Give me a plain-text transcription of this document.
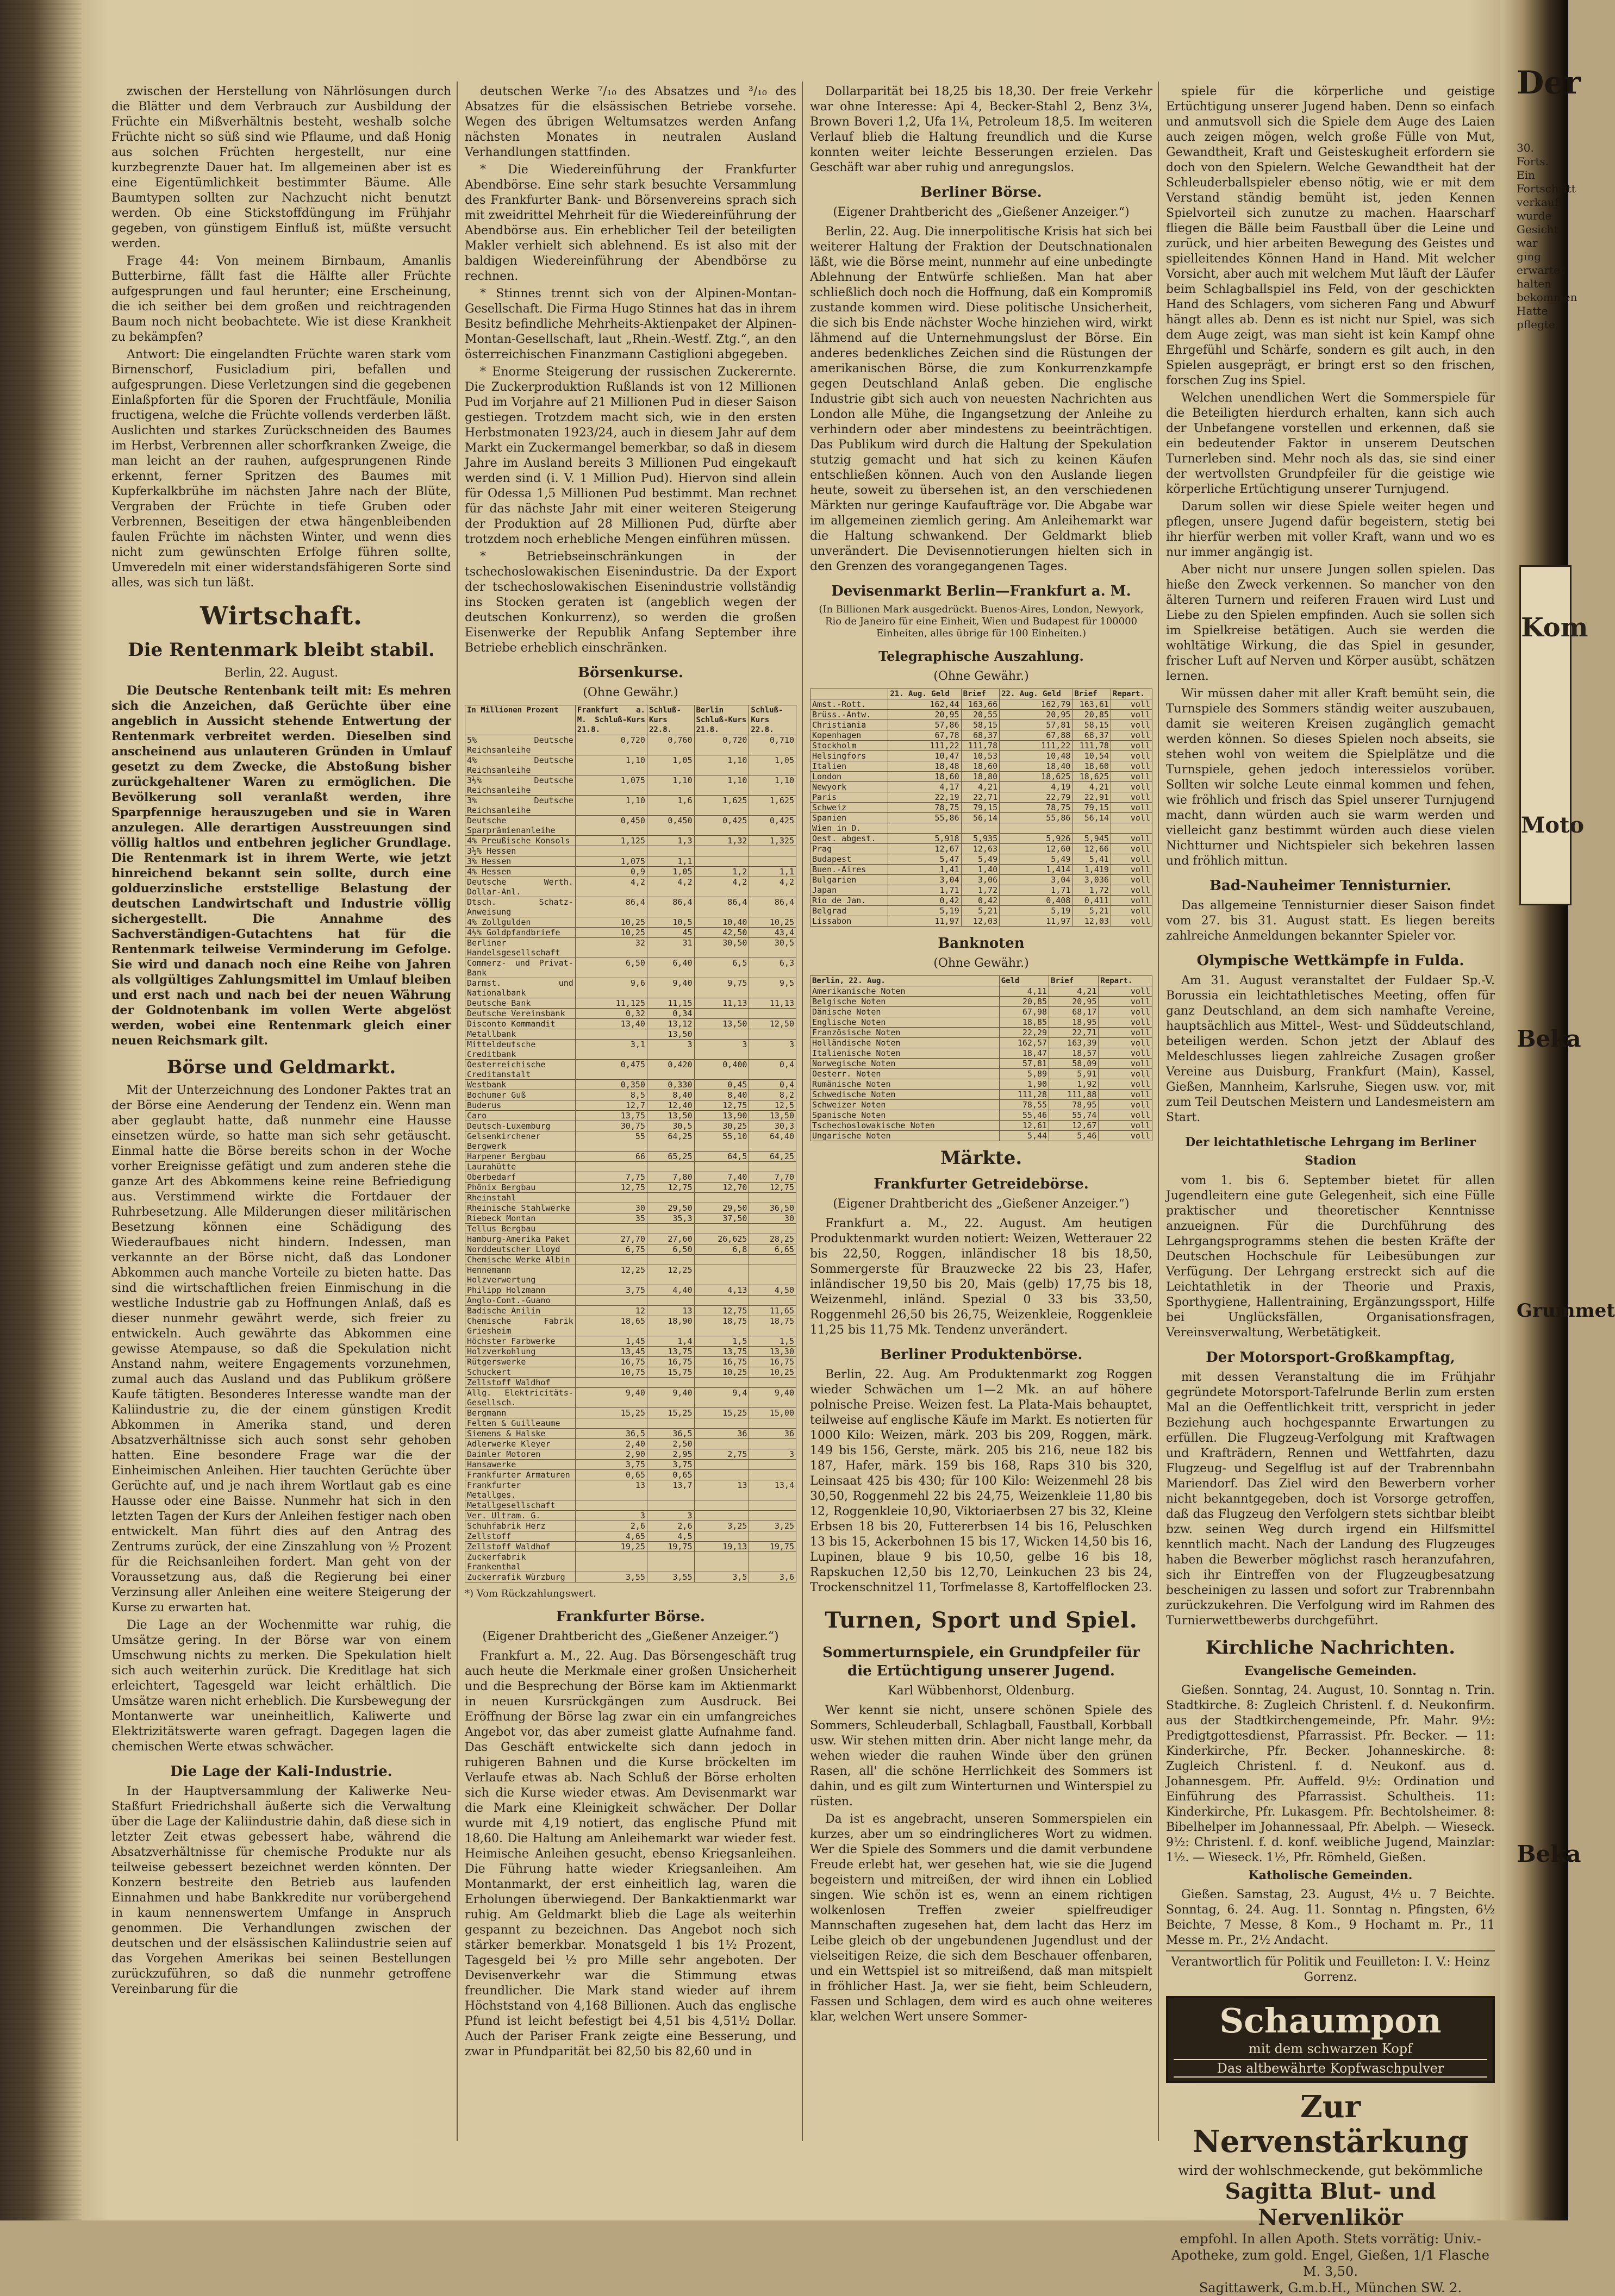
zwischen der Herstellung von Nährlösungen durch die Blätter und dem Verbrauch zur Ausbildung der Früchte ein Mißverhältnis besteht, weshalb solche Früchte nicht so süß sind wie Pflaume, und daß Honig aus solchen Früchten hergestellt, nur eine kurzbegrenzte Dauer hat. Im allgemeinen aber ist es eine Eigentümlichkeit bestimmter Bäume. Alle Baumtypen sollten zur Nachzucht nicht benutzt werden. Ob eine Stickstoffdüngung im Frühjahr gegeben, von günstigem Einfluß ist, müßte versucht werden.

Frage 44: Von meinem Birnbaum, Amanlis Butterbirne, fällt fast die Hälfte aller Früchte aufgesprungen und faul herunter; eine Erscheinung, die ich seither bei dem großen und reichtragenden Baum noch nicht beobachtete. Wie ist diese Krankheit zu bekämpfen?

Antwort: Die eingelandten Früchte waren stark vom Birnenschorf, Fusicladium piri, befallen und aufgesprungen. Diese Verletzungen sind die gegebenen Einlaßpforten für die Sporen der Fruchtfäule, Monilia fructigena, welche die Früchte vollends verderben läßt. Auslichten und starkes Zurückschneiden des Baumes im Herbst, Verbrennen aller schorfkranken Zweige, die man leicht an der rauhen, aufgesprungenen Rinde erkennt, ferner Spritzen des Baumes mit Kupferkalkbrühe im nächsten Jahre nach der Blüte, Vergraben der Früchte in tiefe Gruben oder Verbrennen, Beseitigen der etwa hängenbleibenden faulen Früchte im nächsten Winter, und wenn dies nicht zum gewünschten Erfolge führen sollte, Umveredeln mit einer widerstandsfähigeren Sorte sind alles, was sich tun läßt.

Wirtschaft.
Die Rentenmark bleibt stabil.

Berlin, 22. August.

Die Deutsche Rentenbank teilt mit: Es mehren sich die Anzeichen, daß Gerüchte über eine angeblich in Aussicht stehende Entwertung der Rentenmark verbreitet werden. Dieselben sind anscheinend aus unlauteren Gründen in Umlauf gesetzt zu dem Zwecke, die Abstoßung bisher zurückgehaltener Waren zu ermöglichen. Die Bevölkerung soll veranlaßt werden, ihre Sparpfennige herauszugeben und sie in Waren anzulegen. Alle derartigen Ausstreuungen sind völlig haltlos und entbehren jeglicher Grundlage. Die Rentenmark ist in ihrem Werte, wie jetzt hinreichend bekannt sein sollte, durch eine golduerzinsliche erststellige Belastung der deutschen Landwirtschaft und Industrie völlig sichergestellt. Die Annahme des Sachverständigen-Gutachtens hat für die Rentenmark teilweise Verminderung im Gefolge. Sie wird und danach noch eine Reihe von Jahren als vollgültiges Zahlungsmittel im Umlauf bleiben und erst nach und nach bei der neuen Währung der Goldnotenbank im vollen Werte abgelöst werden, wobei eine Rentenmark gleich einer neuen Reichsmark gilt.

Börse und Geldmarkt.

Mit der Unterzeichnung des Londoner Paktes trat an der Börse eine Aenderung der Tendenz ein. Wenn man aber geglaubt hatte, daß nunmehr eine Hausse einsetzen würde, so hatte man sich sehr getäuscht. Einmal hatte die Börse bereits schon in der Woche vorher Ereignisse gefätigt und zum anderen stehe die ganze Art des Abkommens keine reine Befriedigung aus. Verstimmend wirkte die Fortdauer der Ruhrbesetzung. Alle Milderungen dieser militärischen Besetzung können eine Schädigung des Wiederaufbaues nicht hindern. Indessen, man verkannte an der Börse nicht, daß das Londoner Abkommen auch manche Vorteile zu bieten hatte. Das sind die wirtschaftlichen freien Einmischung in die westliche Industrie gab zu Hoffnungen Anlaß, daß es dieser nunmehr gewährt werde, sich freier zu entwickeln. Auch gewährte das Abkommen eine gewisse Atempause, so daß die Spekulation nicht Anstand nahm, weitere Engagements vorzunehmen, zumal auch das Ausland und das Publikum größere Kaufe tätigten. Besonderes Interesse wandte man der Kaliindustrie zu, die der einem günstigen Kredit Abkommen in Amerika stand, und deren Absatzverhältnisse sich auch sonst sehr gehoben hatten. Eine besondere Frage war die der Einheimischen Anleihen. Hier tauchten Gerüchte über Gerüchte auf, und je nach ihrem Wortlaut gab es eine Hausse oder eine Baisse. Nunmehr hat sich in den letzten Tagen der Kurs der Anleihen festiger nach oben entwickelt. Man führt dies auf den Antrag des Zentrums zurück, der eine Zinszahlung von ½ Prozent für die Reichsanleihen fordert. Man geht von der Voraussetzung aus, daß die Regierung bei einer Verzinsung aller Anleihen eine weitere Steigerung der Kurse zu erwarten hat.

Die Lage an der Wochenmitte war ruhig, die Umsätze gering. In der Börse war von einem Umschwung nichts zu merken. Die Spekulation hielt sich auch weiterhin zurück. Die Kreditlage hat sich erleichtert, Tagesgeld war leicht erhältlich. Die Umsätze waren nicht erheblich. Die Kursbewegung der Montanwerte war uneinheitlich, Kaliwerte und Elektrizitätswerte waren gefragt. Dagegen lagen die chemischen Werte etwas schwächer.

Die Lage der Kali-Industrie.

In der Hauptversammlung der Kaliwerke Neu-Staßfurt Friedrichshall äußerte sich die Verwaltung über die Lage der Kaliindustrie dahin, daß diese sich in letzter Zeit etwas gebessert habe, während die Absatzverhältnisse für chemische Produkte nur als teilweise gebessert bezeichnet werden könnten. Der Konzern bestreite den Betrieb aus laufenden Einnahmen und habe Bankkredite nur vorübergehend in kaum nennenswertem Umfange in Anspruch genommen. Die Verhandlungen zwischen der deutschen und der elsässischen Kaliindustrie seien auf das Vorgehen Amerikas bei seinen Bestellungen zurückzuführen, so daß die nunmehr getroffene Vereinbarung für die

deutschen Werke ⁷/₁₀ des Absatzes und ³/₁₀ des Absatzes für die elsässischen Betriebe vorsehe. Wegen des übrigen Weltumsatzes werden Anfang nächsten Monates in neutralen Ausland Verhandlungen stattfinden.

* Die Wiedereinführung der Frankfurter Abendbörse. Eine sehr stark besuchte Versammlung des Frankfurter Bank- und Börsenvereins sprach sich mit zweidrittel Mehrheit für die Wiedereinführung der Abendbörse aus. Ein erheblicher Teil der beteiligten Makler verhielt sich ablehnend. Es ist also mit der baldigen Wiedereinführung der Abendbörse zu rechnen.

* Stinnes trennt sich von der Alpinen-Montan-Gesellschaft. Die Firma Hugo Stinnes hat das in ihrem Besitz befindliche Mehrheits-Aktienpaket der Alpinen-Montan-Gesellschaft, laut „Rhein.-Westf. Ztg.“, an den österreichischen Finanzmann Castiglioni abgegeben.

* Enorme Steigerung der russischen Zuckerernte. Die Zuckerproduktion Rußlands ist von 12 Millionen Pud im Vorjahre auf 21 Millionen Pud in dieser Saison gestiegen. Trotzdem macht sich, wie in den ersten Herbstmonaten 1923/24, auch in diesem Jahr auf dem Markt ein Zuckermangel bemerkbar, so daß in diesem Jahre im Ausland bereits 3 Millionen Pud eingekauft werden sind (i. V. 1 Million Pud). Hiervon sind allein für Odessa 1,5 Millionen Pud bestimmt. Man rechnet für das nächste Jahr mit einer weiteren Steigerung der Produktion auf 28 Millionen Pud, dürfte aber trotzdem noch erhebliche Mengen einführen müssen.

* Betriebseinschränkungen in der tschechoslowakischen Eisenindustrie. Da der Export der tschechoslowakischen Eisenindustrie vollständig ins Stocken geraten ist (angeblich wegen der deutschen Konkurrenz), so werden die großen Eisenwerke der Republik Anfang September ihre Betriebe erheblich einschränken.

Börsenkurse.
(Ohne Gewähr.)
In Millionen Prozent	Frankfurt a. M. Schluß-Kurs 21.8.	Schluß-Kurs 22.8.	Berlin Schluß-Kurs 21.8.	Schluß-Kurs 22.8.
5% Deutsche Reichsanleihe	0,720	0,760	0,720	0,710
4% Deutsche Reichsanleihe	1,10	1,05	1,10	1,05
3½% Deutsche Reichsanleihe	1,075	1,10	1,10	1,10
3% Deutsche Reichsanleihe	1,10	1,6	1,625	1,625
Deutsche Sparprämienanleihe	0,450	0,450	0,425	0,425
4% Preußische Konsols	1,125	1,3	1,32	1,325
3½% Hessen				
3% Hessen	1,075	1,1		
4% Hessen	0,9	1,05	1,2	1,1
Deutsche Werth. Dollar-Anl.	4,2	4,2	4,2	4,2
Dtsch. Schatz-Anweisung	86,4	86,4	86,4	86,4
4% Zollgulden	10,25	10,5	10,40	10,25
4½% Goldpfandbriefe	10,25	45	42,50	43,4
Berliner Handelsgesellschaft	32	31	30,50	30,5
Commerz- und Privat-Bank	6,50	6,40	6,5	6,3
Darmst. und Nationalbank	9,6	9,40	9,75	9,5
Deutsche Bank	11,125	11,15	11,13	11,13
Deutsche Vereinsbank	0,32	0,34		
Disconto Kommandit	13,40	13,12	13,50	12,50
Metallbank		13,50		
Mitteldeutsche Creditbank	3,1	3	3	3
Oesterreichische Creditanstalt	0,475	0,420	0,400	0,4
Westbank	0,350	0,330	0,45	0,4
Bochumer Guß	8,5	8,40	8,40	8,2
Buderus	12,7	12,40	12,75	12,5
Caro	13,75	13,50	13,90	13,50
Deutsch-Luxemburg	30,75	30,5	30,25	30,3
Gelsenkirchener Bergwerk	55	64,25	55,10	64,40
Harpener Bergbau	66	65,25	64,5	64,25
Laurahütte				
Oberbedarf	7,75	7,80	7,40	7,70
Phönix Bergbau	12,75	12,75	12,70	12,75
Rheinstahl				
Rheinische Stahlwerke	30	29,50	29,50	36,50
Riebeck Montan	35	35,3	37,50	30
Tellus Bergbau				
Hamburg-Amerika Paket	27,70	27,60	26,625	28,25
Norddeutscher Lloyd	6,75	6,50	6,8	6,65
Chemische Werke Albin				
Hennemann Holzverwertung	12,25	12,25		
Philipp Holzmann	3,75	4,40	4,13	4,50
Anglo-Cont.-Guano				
Badische Anilin	12	13	12,75	11,65
Chemische Fabrik Griesheim	18,65	18,90	18,75	18,75
Höchster Farbwerke	1,45	1,4	1,5	1,5
Holzverkohlung	13,45	13,75	13,75	13,30
Rütgerswerke	16,75	16,75	16,75	16,75
Schuckert	10,75	15,75	10,25	10,25
Zellstoff Waldhof				
Allg. Elektricitäts-Gesellsch.	9,40	9,40	9,4	9,40
Bergmann	15,25	15,25	15,25	15,00
Felten & Guilleaume				
Siemens & Halske	36,5	36,5	36	36
Adlerwerke Kleyer	2,40	2,50		
Daimler Motoren	2,90	2,95	2,75	3
Hansawerke	3,75	3,75		
Frankfurter Armaturen	0,65	0,65		
Frankfurter Metallges.	13	13,7	13	13,4
Metallgesellschaft				
Ver. Ultram. G.	3	3		
Schuhfabrik Herz	2,6	2,6	3,25	3,25
Zellstoff	4,65	4,5		
Zellstoff Waldhof	19,25	19,75	19,13	19,75
Zuckerfabrik Frankenthal				
Zuckerrafik Würzburg	3,55	3,55	3,5	3,6
*) Vom Rückzahlungswert.
Frankfurter Börse.
(Eigener Drahtbericht des „Gießener Anzeiger.“)

Frankfurt a. M., 22. Aug. Das Börsengeschäft trug auch heute die Merkmale einer großen Unsicherheit und die Besprechung der Börse kam im Aktienmarkt in neuen Kursrückgängen zum Ausdruck. Bei Eröffnung der Börse lag zwar ein ein umfangreiches Angebot vor, das aber zumeist glatte Aufnahme fand. Das Geschäft entwickelte sich dann jedoch in ruhigeren Bahnen und die Kurse bröckelten im Verlaufe etwas ab. Nach Schluß der Börse erholten sich die Kurse wieder etwas. Am Devisenmarkt war die Mark eine Kleinigkeit schwächer. Der Dollar wurde mit 4,19 notiert, das englische Pfund mit 18,60. Die Haltung am Anleihemarkt war wieder fest. Heimische Anleihen gesucht, ebenso Kriegsanleihen. Die Führung hatte wieder Kriegsanleihen. Am Montanmarkt, der erst einheitlich lag, waren die Erholungen überwiegend. Der Bankaktienmarkt war ruhig. Am Geldmarkt blieb die Lage als weiterhin gespannt zu bezeichnen. Das Angebot noch sich stärker bemerkbar. Monatsgeld 1 bis 1½ Prozent, Tagesgeld bei ½ pro Mille sehr angeboten. Der Devisenverkehr war die Stimmung etwas freundlicher. Die Mark stand wieder auf ihrem Höchststand von 4,168 Billionen. Auch das englische Pfund ist leicht befestigt bei 4,51 bis 4,51½ Dollar. Auch der Pariser Frank zeigte eine Besserung, und zwar in Pfundparität bei 82,50 bis 82,60 und in

Dollarparität bei 18,25 bis 18,30. Der freie Verkehr war ohne Interesse: Api 4, Becker-Stahl 2, Benz 3¼, Brown Boveri 1,2, Ufa 1¼, Petroleum 18,5. Im weiteren Verlauf blieb die Haltung freundlich und die Kurse konnten weiter leichte Besserungen erzielen. Das Geschäft war aber ruhig und anregungslos.

Berliner Börse.
(Eigener Drahtbericht des „Gießener Anzeiger.“)

Berlin, 22. Aug. Die innerpolitische Krisis hat sich bei weiterer Haltung der Fraktion der Deutschnationalen läßt, wie die Börse meint, nunmehr auf eine unbedingte Ablehnung der Entwürfe schließen. Man hat aber schließlich doch noch die Hoffnung, daß ein Kompromiß zustande kommen wird. Diese politische Unsicherheit, die sich bis Ende nächster Woche hinziehen wird, wirkt lähmend auf die Unternehmungslust der Börse. Ein anderes bedenkliches Zeichen sind die Rüstungen der amerikanischen Börse, die zum Konkurrenzkampfe gegen Deutschland Anlaß geben. Die englische Industrie gibt sich auch von neuesten Nachrichten aus London alle Mühe, die Ingangsetzung der Anleihe zu verhindern oder aber mindestens zu beeinträchtigen. Das Publikum wird durch die Haltung der Spekulation stutzig gemacht und hat sich zu keinen Käufen entschließen können. Auch von den Auslande liegen heute, soweit zu übersehen ist, an den verschiedenen Märkten nur geringe Kaufaufträge vor. Die Abgabe war im allgemeinen ziemlich gering. Am Anleihemarkt war die Haltung schwankend. Der Geldmarkt blieb unverändert. Die Devisennotierungen hielten sich in den Grenzen des vorangegangenen Tages.

Devisenmarkt Berlin—Frankfurt a. M.
(In Billionen Mark ausgedrückt. Buenos-Aires, London, Newyork, Rio de Janeiro für eine Einheit, Wien und Budapest für 100000 Einheiten, alles übrige für 100 Einheiten.)
Telegraphische Auszahlung.
(Ohne Gewähr.)
	21. Aug. Geld	Brief	22. Aug. Geld	Brief	Repart.
Amst.-Rott.	162,44	163,66	162,79	163,61	voll
Brüss.-Antw.	20,95	20,55	20,95	20,85	voll
Christiania	57,86	58,15	57,81	58,15	voll
Kopenhagen	67,78	68,37	67,88	68,37	voll
Stockholm	111,22	111,78	111,22	111,78	voll
Helsingfors	10,47	10,53	10,48	10,54	voll
Italien	18,48	18,60	18,40	18,60	voll
London	18,60	18,80	18,625	18,625	voll
Newyork	4,17	4,21	4,19	4,21	voll
Paris	22,19	22,71	22,79	22,91	voll
Schweiz	78,75	79,15	78,75	79,15	voll
Spanien	55,86	56,14	55,86	56,14	voll
Wien in D.					
Oest. abgest.	5,918	5,935	5,926	5,945	voll
Prag	12,67	12,63	12,60	12,66	voll
Budapest	5,47	5,49	5,49	5,41	voll
Buen.-Aires	1,41	1,40	1,414	1,419	voll
Bulgarien	3,04	3,06	3,04	3,036	voll
Japan	1,71	1,72	1,71	1,72	voll
Rio de Jan.	0,42	0,42	0,408	0,411	voll
Belgrad	5,19	5,21	5,19	5,21	voll
Lissabon	11,97	12,03	11,97	12,03	voll
Banknoten
(Ohne Gewähr.)
Berlin, 22. Aug.	Geld	Brief	Repart.
Amerikanische Noten	4,11	4,21	voll
Belgische Noten	20,85	20,95	voll
Dänische Noten	67,98	68,17	voll
Englische Noten	18,85	18,95	voll
Französische Noten	22,29	22,71	voll
Holländische Noten	162,57	163,39	voll
Italienische Noten	18,47	18,57	voll
Norwegische Noten	57,81	58,09	voll
Oesterr. Noten	5,89	5,91	voll
Rumänische Noten	1,90	1,92	voll
Schwedische Noten	111,28	111,88	voll
Schweizer Noten	78,55	78,95	voll
Spanische Noten	55,46	55,74	voll
Tschechoslowakische Noten	12,61	12,67	voll
Ungarische Noten	5,44	5,46	voll
Märkte.
Frankfurter Getreidebörse.
(Eigener Drahtbericht des „Gießener Anzeiger.“)

Frankfurt a. M., 22. August. Am heutigen Produktenmarkt wurden notiert: Weizen, Wetterauer 22 bis 22,50, Roggen, inländischer 18 bis 18,50, Sommergerste für Brauzwecke 22 bis 23, Hafer, inländischer 19,50 bis 20, Mais (gelb) 17,75 bis 18, Weizenmehl, inländ. Spezial 0 33 bis 33,50, Roggenmehl 26,50 bis 26,75, Weizenkleie, Roggenkleie 11,25 bis 11,75 Mk. Tendenz unverändert.

Berliner Produktenbörse.

Berlin, 22. Aug. Am Produktenmarkt zog Roggen wieder Schwächen um 1—2 Mk. an auf höhere polnische Preise. Weizen fest. La Plata-Mais behauptet, teilweise auf englische Käufe im Markt. Es notierten für 1000 Kilo: Weizen, märk. 203 bis 209, Roggen, märk. 149 bis 156, Gerste, märk. 205 bis 216, neue 182 bis 187, Hafer, märk. 159 bis 168, Raps 310 bis 320, Leinsaat 425 bis 430; für 100 Kilo: Weizenmehl 28 bis 30,50, Roggenmehl 22 bis 24,75, Weizenkleie 11,80 bis 12, Roggenkleie 10,90, Viktoriaerbsen 27 bis 32, Kleine Erbsen 18 bis 20, Futtererbsen 14 bis 16, Peluschken 13 bis 15, Ackerbohnen 15 bis 17, Wicken 14,50 bis 16, Lupinen, blaue 9 bis 10,50, gelbe 16 bis 18, Rapskuchen 12,50 bis 12,70, Leinkuchen 23 bis 24, Trockenschnitzel 11, Torfmelasse 8, Kartoffelflocken 23.

Turnen, Sport und Spiel.
Sommerturnspiele, ein Grundpfeiler für die Ertüchtigung unserer Jugend.
Karl Wübbenhorst, Oldenburg.

Wer kennt sie nicht, unsere schönen Spiele des Sommers, Schleuderball, Schlagball, Faustball, Korbball usw. Wir stehen mitten drin. Aber nicht lange mehr, da wehen wieder die rauhen Winde über den grünen Rasen, all' die schöne Herrlichkeit des Sommers ist dahin, und es gilt zum Winterturnen und Winterspiel zu rüsten.

Da ist es angebracht, unseren Sommerspielen ein kurzes, aber um so eindringlicheres Wort zu widmen. Wer die Spiele des Sommers und die damit verbundene Freude erlebt hat, wer gesehen hat, wie sie die Jugend begeistern und mitreißen, der wird ihnen ein Loblied singen. Wie schön ist es, wenn an einem richtigen wolkenlosen Treffen zweier spielfreudiger Mannschaften zugesehen hat, dem lacht das Herz im Leibe gleich ob der ungebundenen Jugendlust und der vielseitigen Reize, die sich dem Beschauer offenbaren, und ein Wettspiel ist so mitreißend, daß man mitspielt in fröhlicher Hast. Ja, wer sie fieht, beim Schleudern, Fassen und Schlagen, dem wird es auch ohne weiteres klar, welchen Wert unsere Sommer-

spiele für die körperliche und geistige Ertüchtigung unserer Jugend haben. Denn so einfach und anmutsvoll sich die Spiele dem Auge des Laien auch zeigen mögen, welch große Fülle von Mut, Gewandtheit, Kraft und Geisteskugheit erfordern sie doch von den Spielern. Welche Gewandtheit hat der Schleuderballspieler ebenso nötig, wie er mit dem Verstand ständig bemüht ist, jeden Kennen Spielvorteil sich zunutze zu machen. Haarscharf fliegen die Bälle beim Faustball über die Leine und zurück, und hier arbeiten Bewegung des Geistes und spielleitendes Können Hand in Hand. Mit welcher Vorsicht, aber auch mit welchem Mut läuft der Läufer beim Schlagballspiel ins Feld, von der geschickten Hand des Schlagers, vom sicheren Fang und Abwurf hängt alles ab. Denn es ist nicht nur Spiel, was sich dem Auge zeigt, was man sieht ist kein Kampf ohne Ehrgefühl und Schärfe, sondern es gilt auch, in den Spielen ausgeprägt, er bringt erst so den frischen, forschen Zug ins Spiel.

Welchen unendlichen Wert die Sommerspiele für die Beteiligten hierdurch erhalten, kann sich auch der Unbefangene vorstellen und erkennen, daß sie ein bedeutender Faktor in unserem Deutschen Turnerleben sind. Mehr noch als das, sie sind einer der wertvollsten Grundpfeiler für die geistige wie körperliche Ertüchtigung unserer Turnjugend.

Darum sollen wir diese Spiele weiter hegen und pflegen, unsere Jugend dafür begeistern, stetig bei ihr hierfür werben mit voller Kraft, wann und wo es nur immer angängig ist.

Aber nicht nur unsere Jungen sollen spielen. Das hieße den Zweck verkennen. So mancher von den älteren Turnern und reiferen Frauen wird Lust und Liebe zu den Spielen empfinden. Auch sie sollen sich im Spielkreise betätigen. Auch sie werden die wohltätige Wirkung, die das Spiel in gesunder, frischer Luft auf Nerven und Körper ausübt, schätzen lernen.

Wir müssen daher mit aller Kraft bemüht sein, die Turnspiele des Sommers ständig weiter auszubauen, damit sie weiteren Kreisen zugänglich gemacht werden können. So dieses Spielen noch abseits, sie stehen wohl von weitem die Spielplätze und die Turnspiele, gehen jedoch interessielos vorüber. Sollten wir solche Leute einmal kommen und fehen, wie fröhlich und frisch das Spiel unserer Turnjugend macht, dann würden auch sie warm werden und vielleicht ganz bestimmt würden auch diese vielen Nichtturner und Nichtspieler sich bekehren lassen und fröhlich mittun.

Bad-Nauheimer Tennisturnier.

Das allgemeine Tennisturnier dieser Saison findet vom 27. bis 31. August statt. Es liegen bereits zahlreiche Anmeldungen bekannter Spieler vor.

Olympische Wettkämpfe in Fulda.

Am 31. August veranstaltet der Fuldaer Sp.-V. Borussia ein leichtathletisches Meeting, offen für ganz Deutschland, an dem sich namhafte Vereine, hauptsächlich aus Mittel-, West- und Süddeutschland, beteiligen werden. Schon jetzt der Ablauf des Meldeschlusses liegen zahlreiche Zusagen großer Vereine aus Duisburg, Frankfurt (Main), Kassel, Gießen, Mannheim, Karlsruhe, Siegen usw. vor, mit zum Teil Deutschen Meistern und Landesmeistern am Start.

Der leichtathletische Lehrgang im Berliner Stadion

vom 1. bis 6. September bietet für allen Jugendleitern eine gute Gelegenheit, sich eine Fülle praktischer und theoretischer Kenntnisse anzueignen. Für die Durchführung des Lehrgangsprogramms stehen die besten Kräfte der Deutschen Hochschule für Leibesübungen zur Verfügung. Der Lehrgang erstreckt sich auf die Leichtathletik in der Theorie und Praxis, Sporthygiene, Hallentraining, Ergänzungssport, Hilfe bei Unglücksfällen, Organisationsfragen, Vereinsverwaltung, Werbetätigkeit.

Der Motorsport-Großkampftag,

mit dessen Veranstaltung die im Frühjahr gegründete Motorsport-Tafelrunde Berlin zum ersten Mal an die Oeffentlichkeit tritt, verspricht in jeder Beziehung auch hochgespannte Erwartungen zu erfüllen. Die Flugzeug-Verfolgung mit Kraftwagen und Krafträdern, Rennen und Wettfahrten, dazu Flugzeug- und Segelflug ist auf der Trabrennbahn Mariendorf. Das Ziel wird den Bewerbern vorher nicht bekanntgegeben, doch ist Vorsorge getroffen, daß das Flugzeug den Verfolgern stets sichtbar bleibt bzw. seinen Weg durch irgend ein Hilfsmittel kenntlich macht. Nach der Landung des Flugzeuges haben die Bewerber möglichst rasch heranzufahren, sich ihr Eintreffen von der Flugzeugbesatzung bescheinigen zu lassen und sofort zur Trabrennbahn zurückzukehren. Die Verfolgung wird im Rahmen des Turnierwettbewerbs durchgeführt.

Kirchliche Nachrichten.
Evangelische Gemeinden.

Gießen. Sonntag, 24. August, 10. Sonntag n. Trin. Stadtkirche. 8: Zugleich Christenl. f. d. Neukonfirm. aus der Stadtkirchengemeinde, Pfr. Mahr. 9½: Predigtgottesdienst, Pfarrassist. Pfr. Becker. — 11: Kinderkirche, Pfr. Becker. Johanneskirche. 8: Zugleich Christenl. f. d. Neukonf. aus d. Johannesgem. Pfr. Auffeld. 9½: Ordination und Einführung des Pfarrassist. Schultheis. 11: Kinderkirche, Pfr. Lukasgem. Pfr. Bechtolsheimer. 8: Bibelhelper im Johannessaal, Pfr. Abelph. — Wieseck. 9½: Christenl. f. d. konf. weibliche Jugend, Mainzlar: 1½. — Wieseck. 1½, Pfr. Römheld, Gießen.

Katholische Gemeinden.

Gießen. Samstag, 23. August, 4½ u. 7 Beichte. Sonntag, 6. 24. Aug. 11. Sonntag n. Pfingsten, 6½ Beichte, 7 Messe, 8 Kom., 9 Hochamt m. Pr., 11 Messe m. Pr., 2½ Andacht.

Verantwortlich für Politik und Feuilleton: I. V.: Heinz Gorrenz.
Schaumpon
mit dem schwarzen Kopf
Das altbewährte Kopfwaschpulver
Zur Nervenstärkung
wird der wohlschmeckende, gut bekömmliche
Sagitta Blut- und Nervenlikör
empfohl. In allen Apoth. Stets vorrätig: Univ.-Apotheke, zum gold. Engel, Gießen, 1/1 Flasche M. 3,50.
Sagittawerk, G.m.b.H., München SW. 2.
Der
30. Forts.
Ein
Fortschritt
verkauft
wurde
Gesicht
war
ging
erwartet
halten
bekommen
Hatte
pflegte
Kom
Moto
Beka
Grummet
Beka
